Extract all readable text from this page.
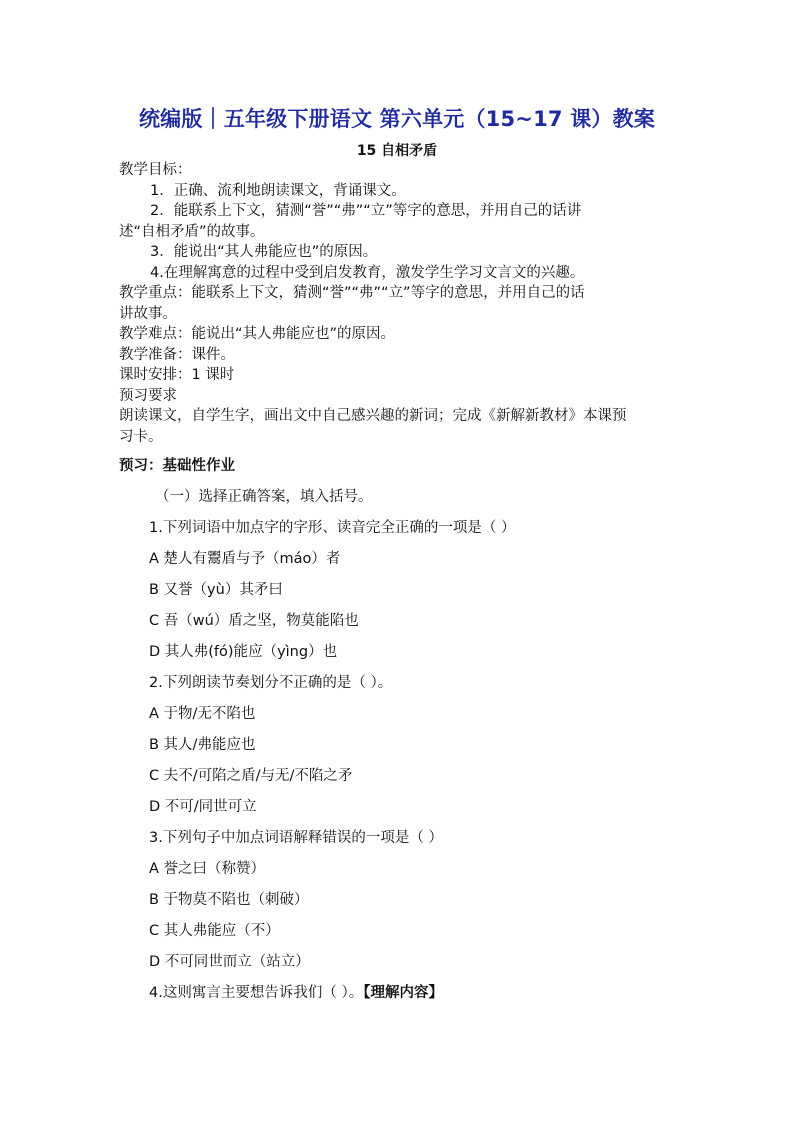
统编版｜五年级下册语文 第六单元（15~17 课）教案
15 自相矛盾

教学目标：

1．正确、流利地朗读课文，背诵课文。

2．能联系上下文，猜测“誉”“弗”“立”等字的意思，并用自己的话讲

述“自相矛盾”的故事。

3．能说出“其人弗能应也”的原因。

4.在理解寓意的过程中受到启发教育，激发学生学习文言文的兴趣。

教学重点：能联系上下文，猜测“誉”“弗”“立”等字的意思，并用自己的话

讲故事。

教学难点：能说出“其人弗能应也”的原因。

教学准备：课件。

课时安排：1 课时

预习要求

朗读课文，自学生字，画出文中自己感兴趣的新词；完成《新解新教材》本课预

习卡。

预习：基础性作业

（一）选择正确答案，填入括号。

1.下列词语中加点字的字形、读音完全正确的一项是（ ）

A 楚人有鬻盾与予（máo）者

B 又誉（yù）其矛曰

C 吾（wú）盾之坚，物莫能陷也

D 其人弗(fó)能应（yìng）也

2.下列朗读节奏划分不正确的是（ ）。

A 于物/无不陷也

B 其人/弗能应也

C 夫不/可陷之盾/与无/不陷之矛

D 不可/同世可立

3.下列句子中加点词语解释错误的一项是（ ）

A 誉之曰（称赞）

B 于物莫不陷也（刺破）

C 其人弗能应（不）

D 不可同世而立（站立）

4.这则寓言主要想告诉我们（ ）。【理解内容】
